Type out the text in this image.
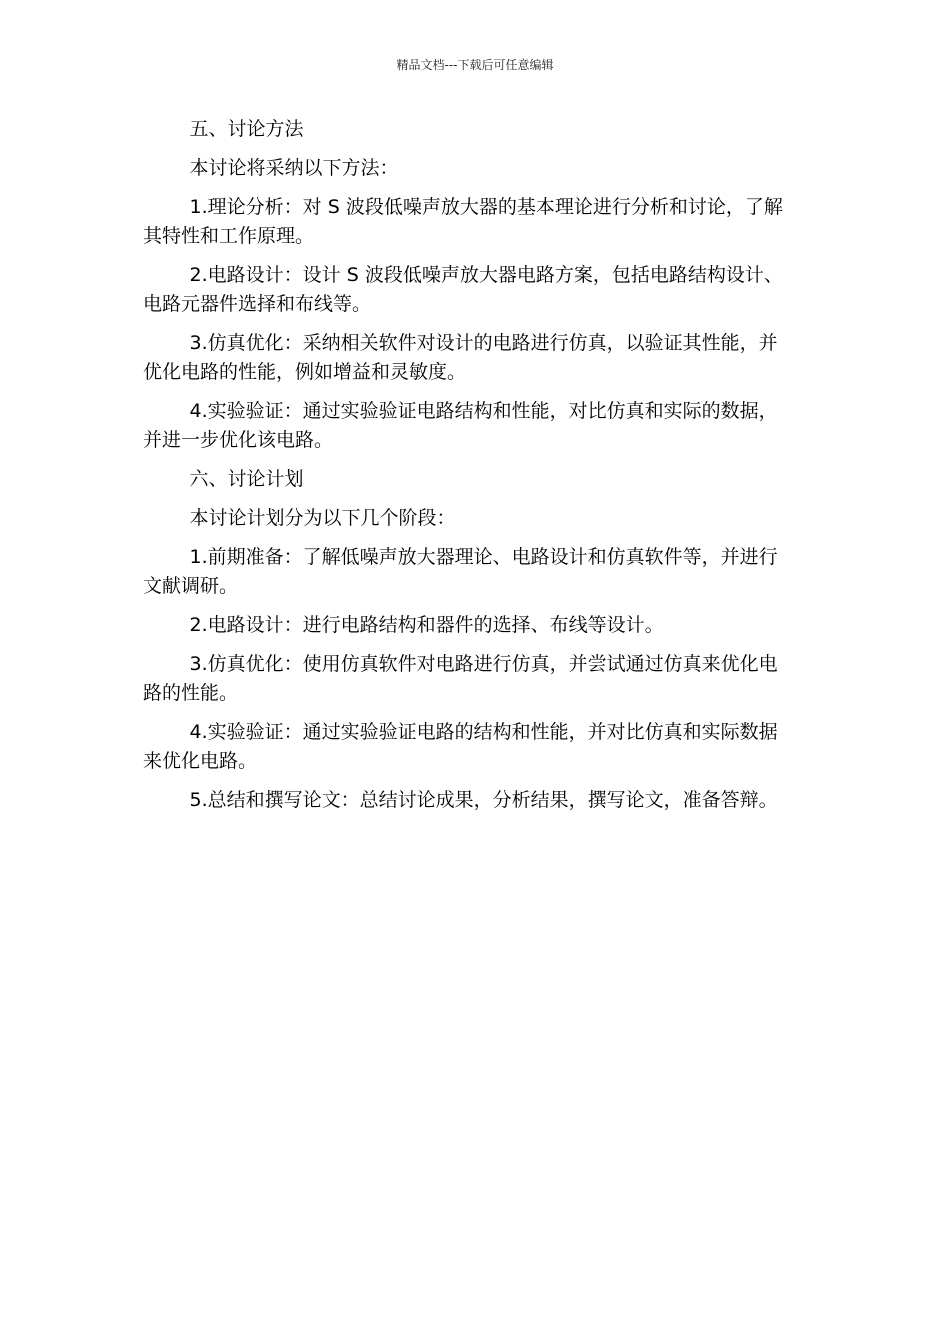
精品文档---下载后可任意编辑

五、讨论方法

本讨论将采纳以下方法：

1.理论分析：对 S 波段低噪声放大器的基本理论进行分析和讨论，了解其特性和工作原理。

2.电路设计：设计 S 波段低噪声放大器电路方案，包括电路结构设计、电路元器件选择和布线等。

3.仿真优化：采纳相关软件对设计的电路进行仿真，以验证其性能，并优化电路的性能，例如增益和灵敏度。

4.实验验证：通过实验验证电路结构和性能，对比仿真和实际的数据，并进一步优化该电路。

六、讨论计划

本讨论计划分为以下几个阶段：

1.前期准备：了解低噪声放大器理论、电路设计和仿真软件等，并进行文献调研。

2.电路设计：进行电路结构和器件的选择、布线等设计。

3.仿真优化：使用仿真软件对电路进行仿真，并尝试通过仿真来优化电路的性能。

4.实验验证：通过实验验证电路的结构和性能，并对比仿真和实际数据来优化电路。

5.总结和撰写论文：总结讨论成果，分析结果，撰写论文，准备答辩。
